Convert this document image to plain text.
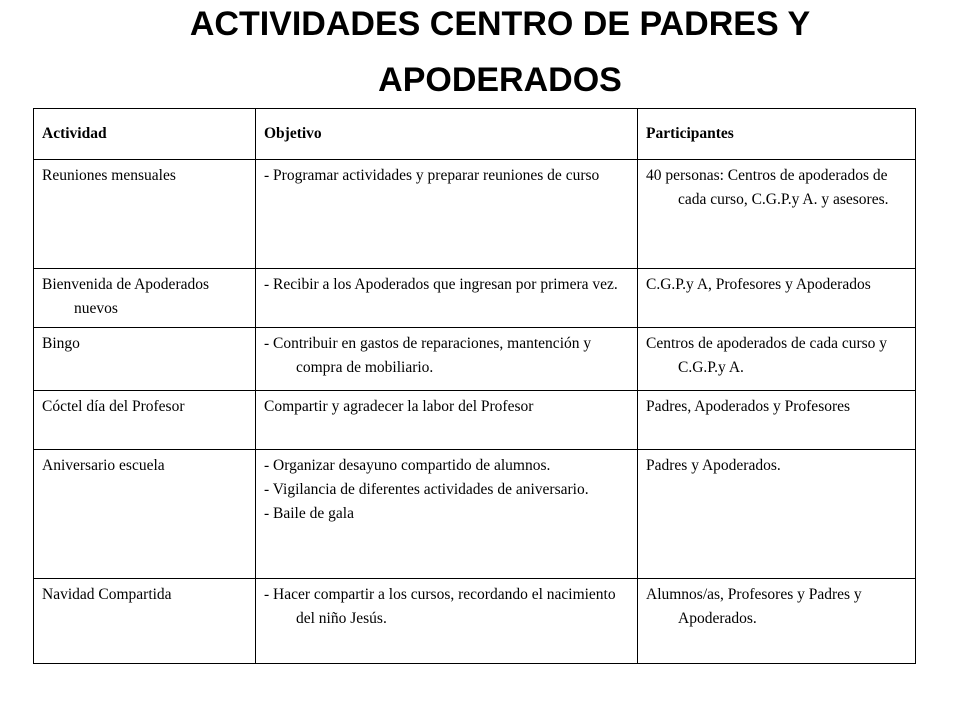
ACTIVIDADES CENTRO DE PADRES Y
APODERADOS
Actividad	Objetivo	Participantes

Reuniones mensuales	- Programar actividades y preparar reuniones de curso	40 personas: Centros de apoderados de cada curso, C.G.P.y A. y asesores.

Bienvenida de Apoderados nuevos	- Recibir a los Apoderados que ingresan por primera vez.	C.G.P.y A, Profesores y Apoderados

Bingo	- Contribuir en gastos de reparaciones, mantención y compra de mobiliario.	Centros de apoderados de cada curso y C.G.P.y A.

Cóctel día del Profesor	Compartir y agradecer la labor del Profesor	Padres, Apoderados y Profesores

Aniversario escuela	- Organizar desayuno compartido de alumnos.
- Vigilancia de diferentes actividades de aniversario.
- Baile de gala	Padres y Apoderados.

Navidad Compartida	- Hacer compartir a los cursos, recordando el nacimiento del niño Jesús.	Alumnos/as, Profesores y Padres y Apoderados.
